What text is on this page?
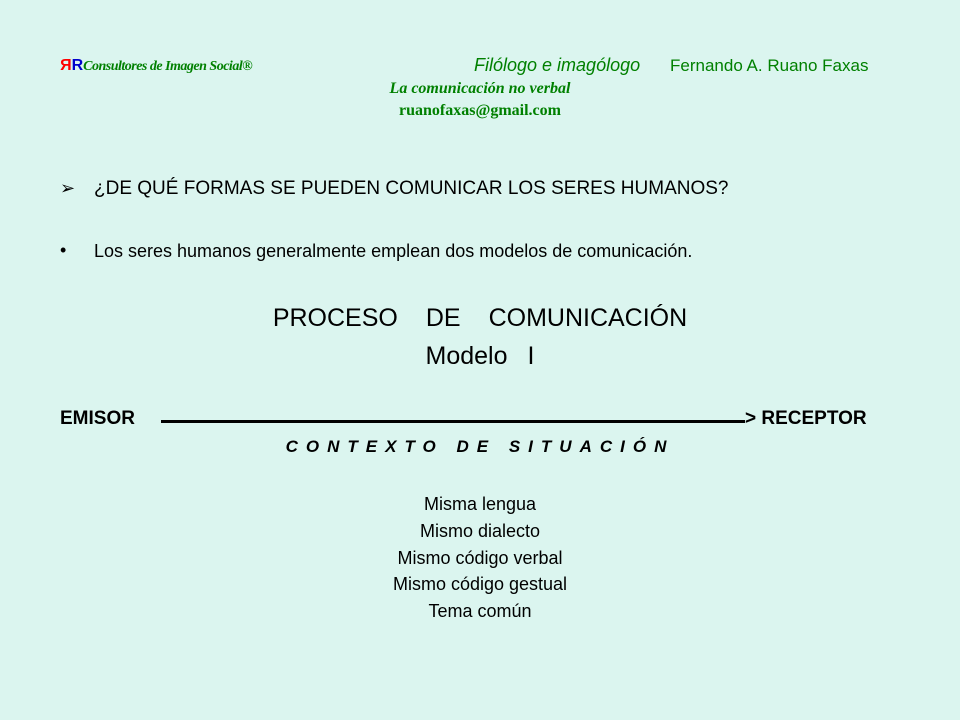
RRConsultores de Imagen Social®	Filólogo e imagólogo Fernando A. Ruano Faxas
La comunicación no verbal
ruanofaxas@gmail.com
➢ ¿DE QUÉ FORMAS SE PUEDEN COMUNICAR LOS SERES HUMANOS?
• Los seres humanos generalmente emplean dos modelos de comunicación.
PROCESO DE COMUNICACIÓN
Modelo I
EMISOR	> RECEPTOR
CONTEXTO DE SITUACIÓN
Misma lengua
Mismo dialecto
Mismo código verbal
Mismo código gestual
Tema común
